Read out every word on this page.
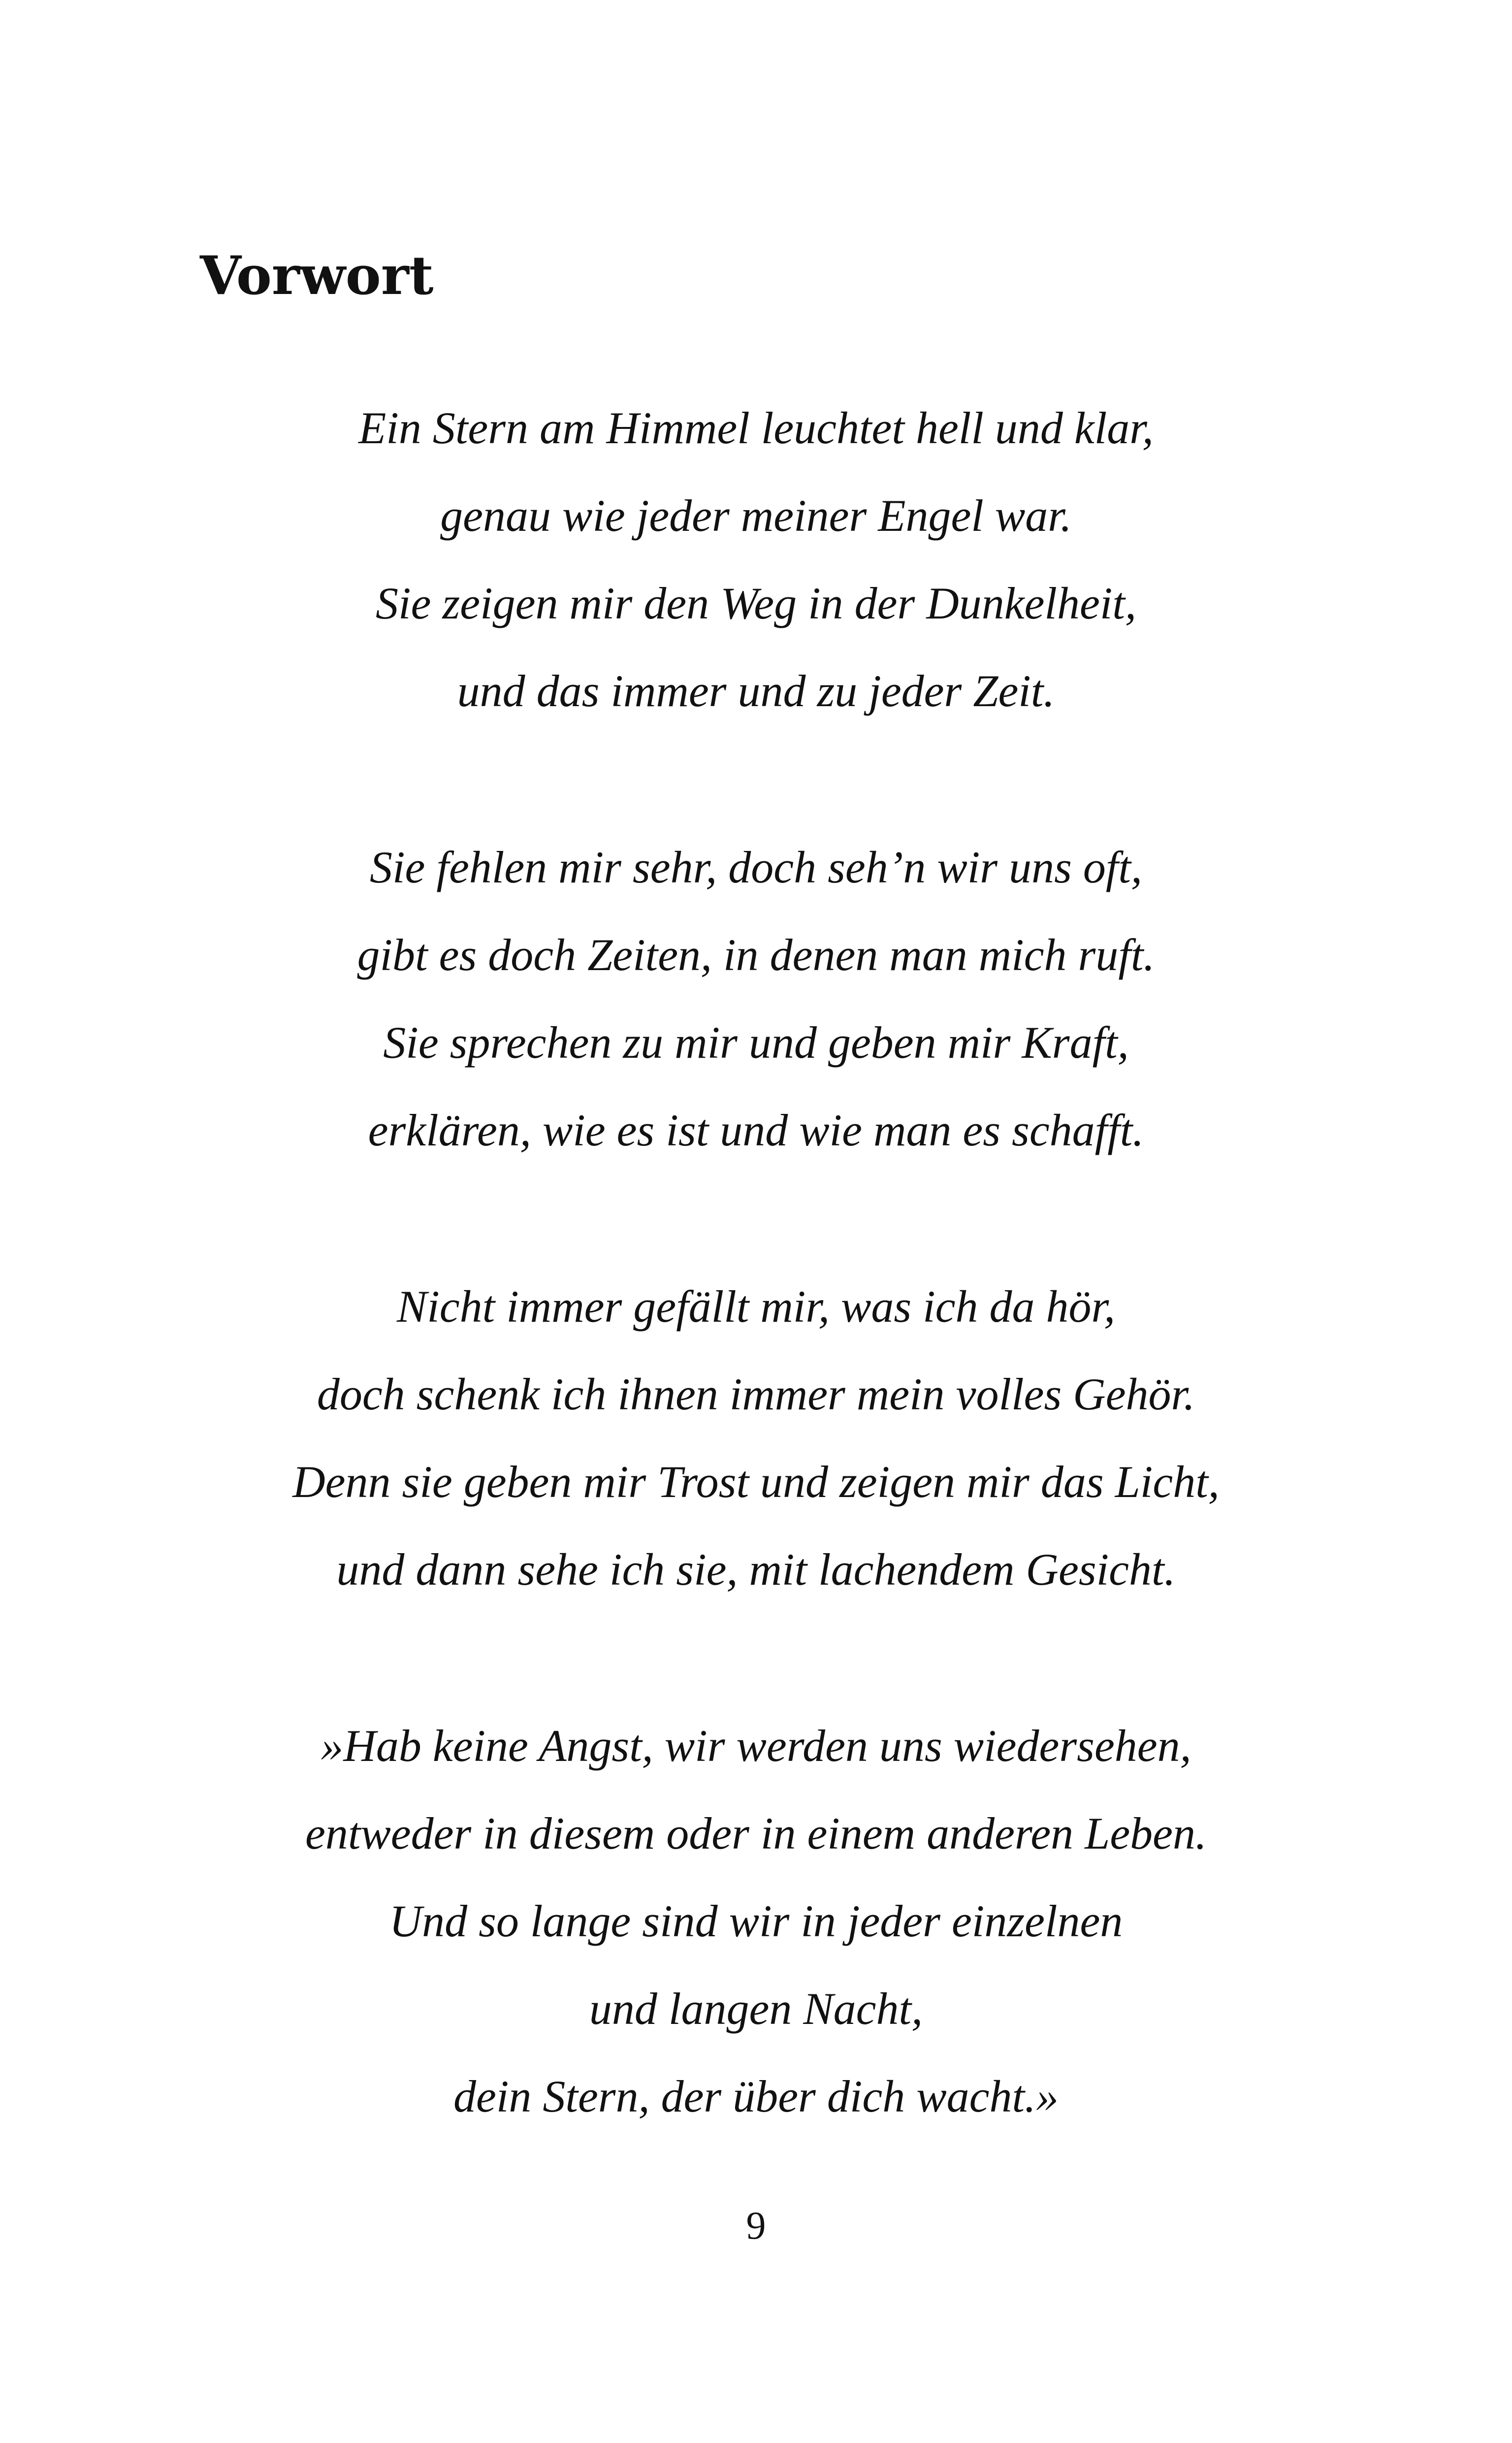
Vorwort
Ein Stern am Himmel leuchtet hell und klar,
genau wie jeder meiner Engel war.
Sie zeigen mir den Weg in der Dunkelheit,
und das immer und zu jeder Zeit.
Sie fehlen mir sehr, doch seh’n wir uns oft,
gibt es doch Zeiten, in denen man mich ruft.
Sie sprechen zu mir und geben mir Kraft,
erklären, wie es ist und wie man es schafft.
Nicht immer gefällt mir, was ich da hör,
doch schenk ich ihnen immer mein volles Gehör.
Denn sie geben mir Trost und zeigen mir das Licht,
und dann sehe ich sie, mit lachendem Gesicht.
»Hab keine Angst, wir werden uns wiedersehen,
entweder in diesem oder in einem anderen Leben.
Und so lange sind wir in jeder einzelnen
und langen Nacht,
dein Stern, der über dich wacht.»
9
